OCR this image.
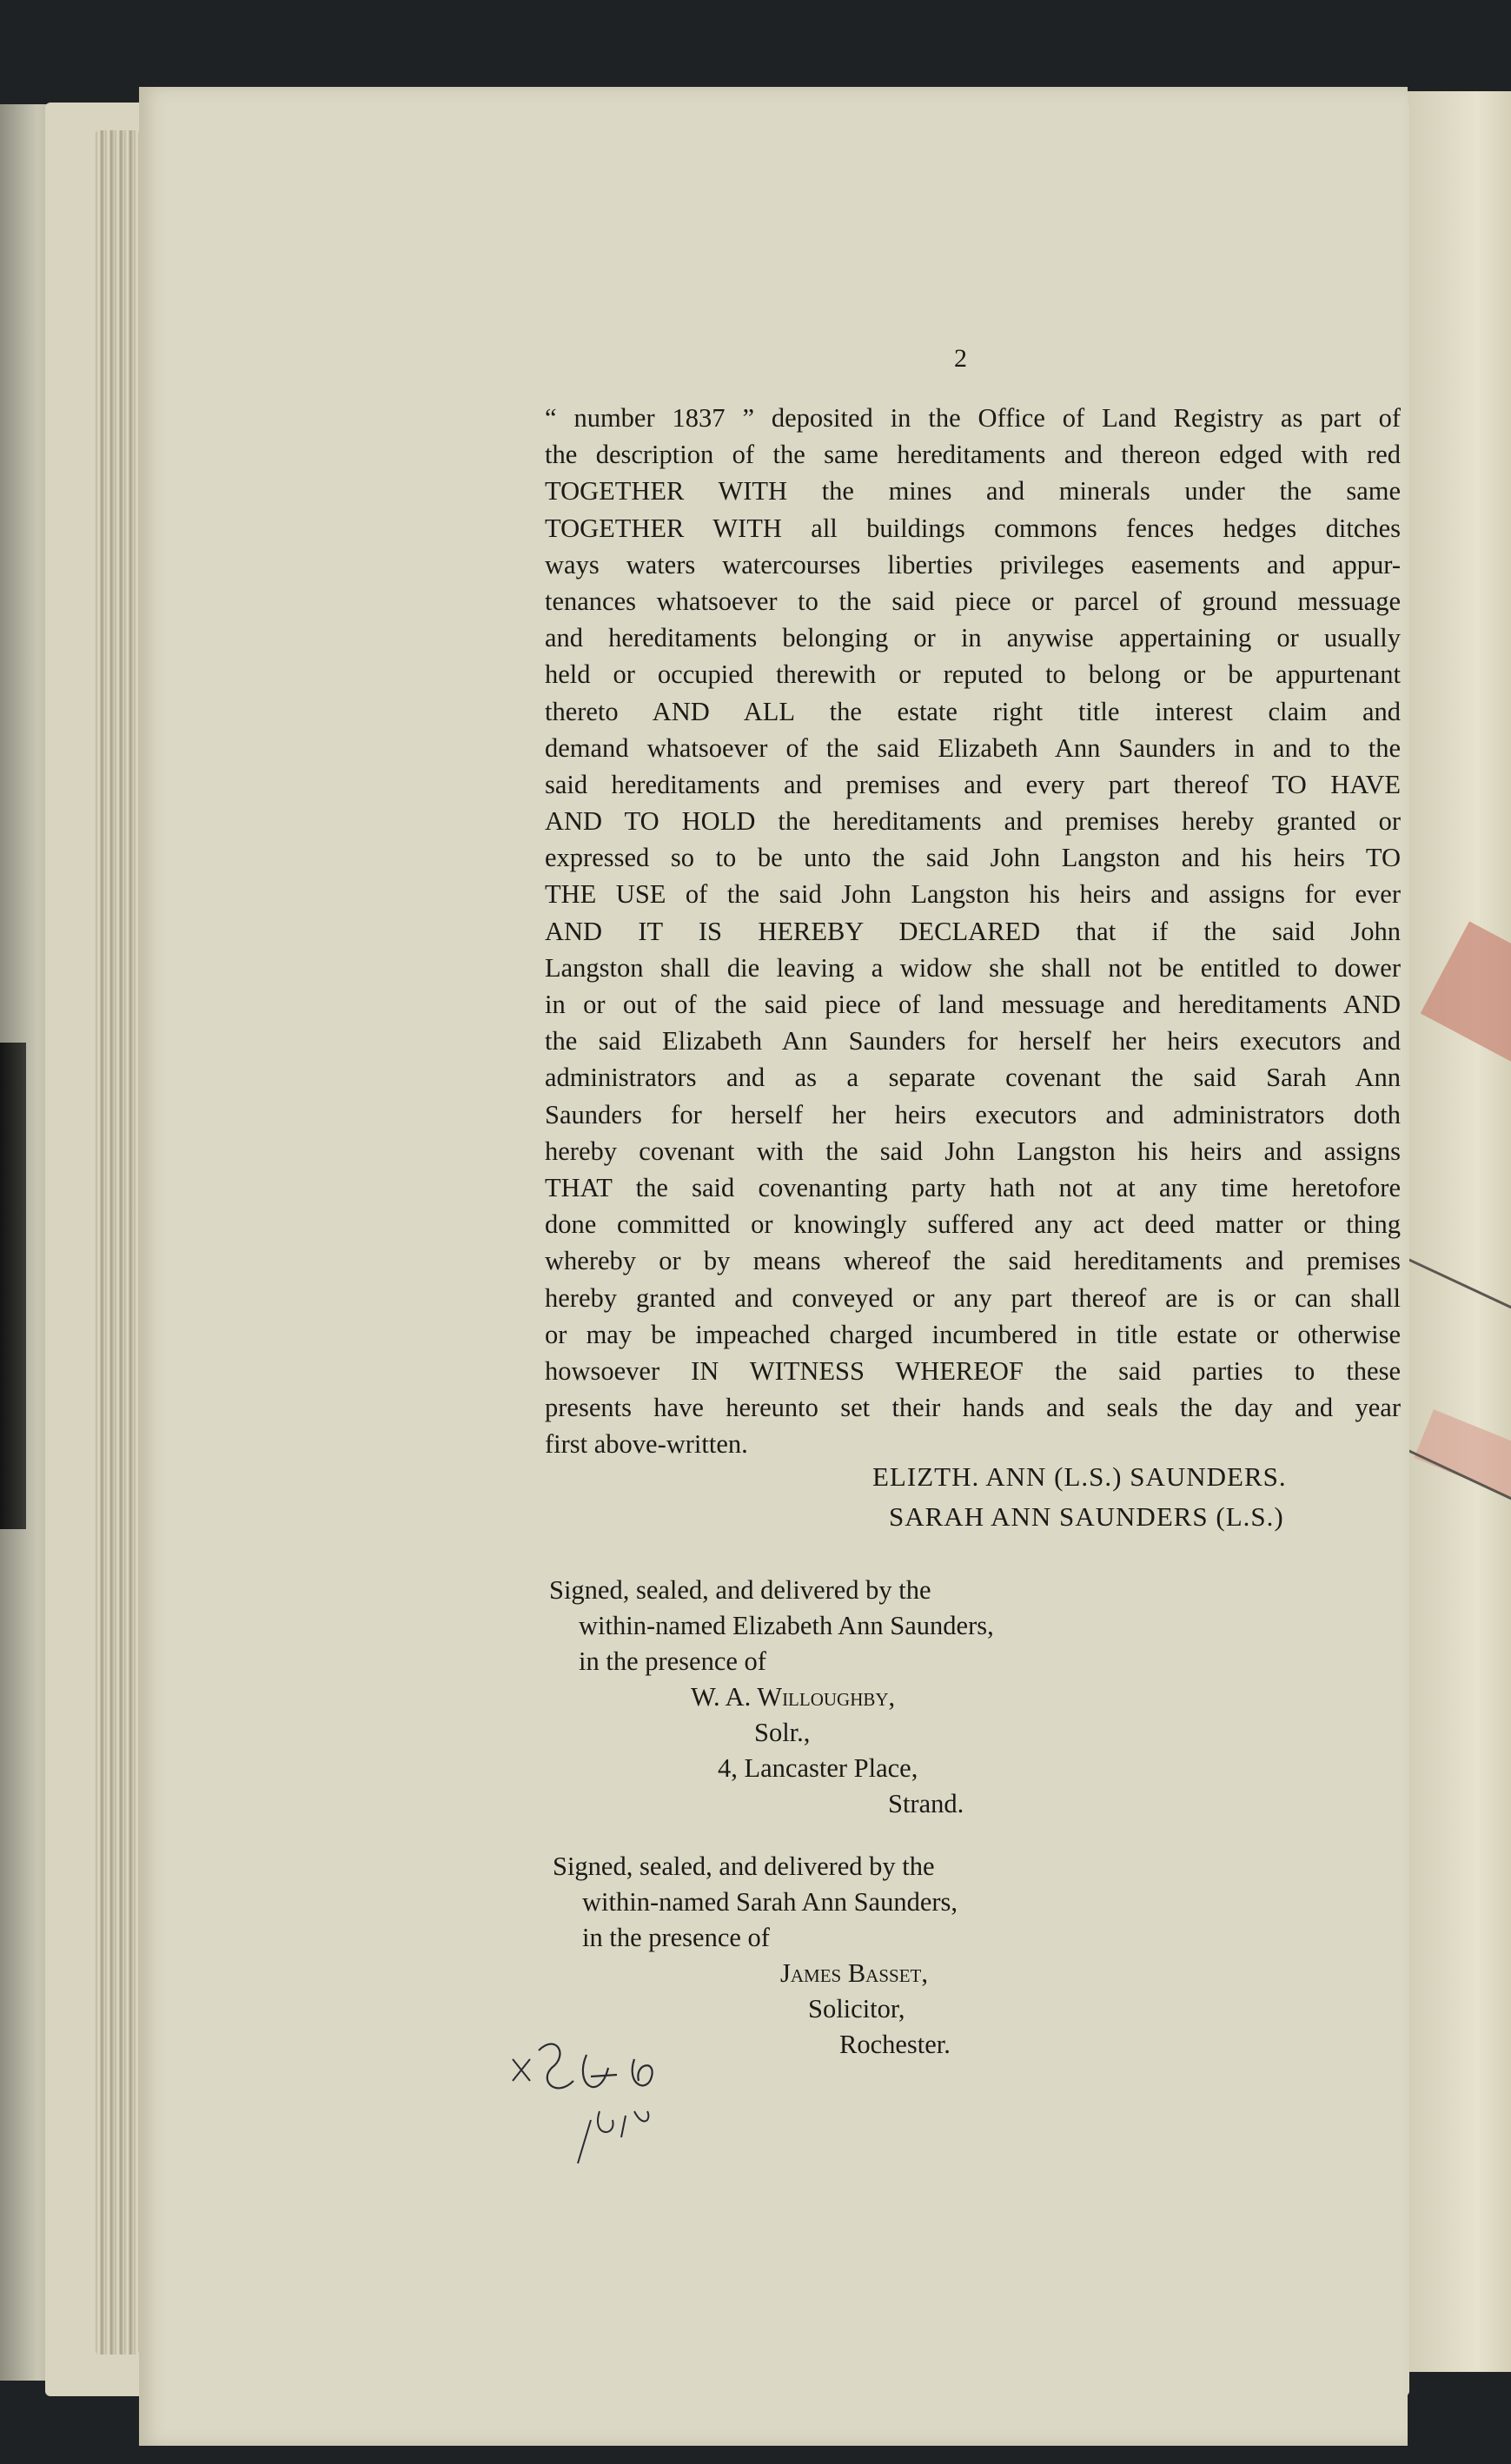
2
“ number 1837 ” deposited in the Office of Land Registry as part of
the description of the same hereditaments and thereon edged with red
TOGETHER WITH the mines and minerals under the same
TOGETHER WITH all buildings commons fences hedges ditches
ways waters watercourses liberties privileges easements and appur-
tenances whatsoever to the said piece or parcel of ground messuage
and hereditaments belonging or in anywise appertaining or usually
held or occupied therewith or reputed to belong or be appurtenant
thereto AND ALL the estate right title interest claim and
demand whatsoever of the said Elizabeth Ann Saunders in and to the
said hereditaments and premises and every part thereof TO HAVE
AND TO HOLD the hereditaments and premises hereby granted or
expressed so to be unto the said John Langston and his heirs TO
THE USE of the said John Langston his heirs and assigns for ever
AND IT IS HEREBY DECLARED that if the said John
Langston shall die leaving a widow she shall not be entitled to dower
in or out of the said piece of land messuage and hereditaments AND
the said Elizabeth Ann Saunders for herself her heirs executors and
administrators and as a separate covenant the said Sarah Ann
Saunders for herself her heirs executors and administrators doth
hereby covenant with the said John Langston his heirs and assigns
THAT the said covenanting party hath not at any time heretofore
done committed or knowingly suffered any act deed matter or thing
whereby or by means whereof the said hereditaments and premises
hereby granted and conveyed or any part thereof are is or can shall
or may be impeached charged incumbered in title estate or otherwise
howsoever IN WITNESS WHEREOF the said parties to these
presents have hereunto set their hands and seals the day and year
first above-written.
ELIZTH. ANN (L.S.) SAUNDERS.
SARAH ANN SAUNDERS (L.S.)
Signed, sealed, and delivered by the
within-named Elizabeth Ann Saunders,
in the presence of
W. A. Willoughby,
Solr.,
4, Lancaster Place,
Strand.
Signed, sealed, and delivered by the
within-named Sarah Ann Saunders,
in the presence of
James Basset,
Solicitor,
Rochester.
